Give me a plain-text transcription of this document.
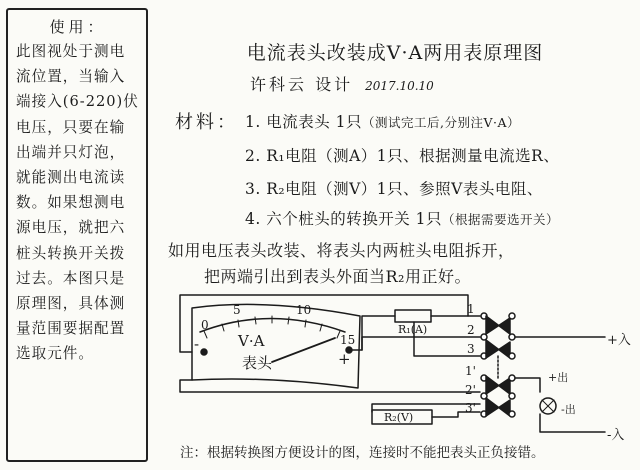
使用：
此图视处于测电流位置，当输入端接入(6-220)伏电压，只要在输出端并只灯泡，就能测出电流读数。如果想测电源电压，就把六桩头转换开关拨过去。本图只是原理图，具体测量范围要据配置选取元件。
电流表头改装成V·A两用表原理图
许科云 设计 2017.10.10
材料： 1. 电流表头 1只（测试完工后,分别注V·A）
2. R₁电阻（测A）1只、根据测量电流选R、
3. R₂电阻（测V）1只、参照V表头电阻、
4. 六个桩头的转换开关 1只（根据需要选开关）
如用电压表头改装、将表头内两桩头电阻拆开，
把两端引出到表头外面当R₂用正好。
0
5	10
15
V·A
表头
-
+
R₁(A)
R₂(V)
1
2
3
1'
2'
3'
+入
+出
-出
-入
注：根据转换图方便设计的图，连接时不能把表头正负接错。
